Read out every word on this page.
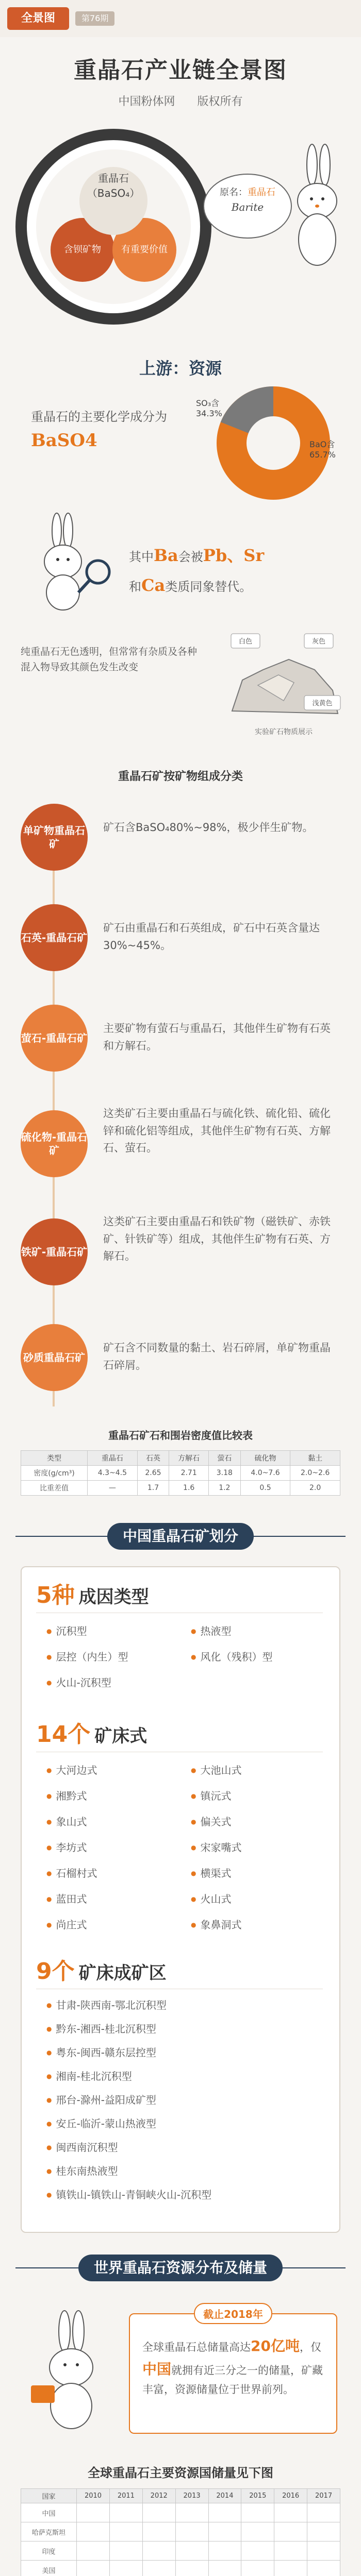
全景图	第76期
重晶石产业链全景图
中国粉体网 版权所有
重晶石
（BaSO₄）
含钡矿物	有重要价值
原名：重晶石
Barite
上游：资源
重晶石的主要化学成分为BaSO4
SO₃含
34.3%
BaO含
65.7%
其中Ba会被Pb、Sr
和Ca类质同象替代。
纯重晶石无色透明，但常常有杂质及各种混入物导致其颜色发生改变
白色	灰色
浅黄色
实验矿石物质展示
重晶石矿按矿物组成分类
单矿物重晶石矿
矿石含BaSO₄80%~98%，极少伴生矿物。
石英-重晶石矿
矿石由重晶石和石英组成，矿石中石英含量达30%~45%。
萤石-重晶石矿
主要矿物有萤石与重晶石，其他伴生矿物有石英和方解石。
硫化物-重晶石矿
这类矿石主要由重晶石与硫化铁、硫化铅、硫化锌和硫化铝等组成，其他伴生矿物有石英、方解石、萤石。
铁矿-重晶石矿
这类矿石主要由重晶石和铁矿物（磁铁矿、赤铁矿、针铁矿等）组成，其他伴生矿物有石英、方解石。
砂质重晶石矿
矿石含不同数量的黏土、岩石碎屑，单矿物重晶石碎屑。
重晶石矿石和围岩密度值比较表
类型	重晶石	石英	方解石	萤石	硫化物	黏土
密度(g/cm³)	4.3~4.5	2.65	2.71	3.18	4.0~7.6	2.0~2.6
比重差值	—	1.7	1.6	1.2	0.5	2.0
中国重晶石矿划分
5种 成因类型
● 沉积型	● 热液型
● 层控（内生）型	● 风化（残积）型
● 火山-沉积型
14个 矿床式
● 大河边式	● 大池山式
● 湘黔式	● 镇沅式
● 象山式	● 偏关式
● 李坊式	● 宋家嘴式
● 石榴村式	● 横渠式
● 蓝田式	● 火山式
● 尚庄式	● 象鼻洞式
9个 矿床成矿区
● 甘肃-陕西南-鄂北沉积型
● 黔东-湘西-桂北沉积型
● 粤东-闽西-赣东层控型
● 湘南-桂北沉积型
● 邢台-滁州-益阳成矿型
● 安丘-临沂-蒙山热液型
● 闽西南沉积型
● 桂东南热液型
● 镇铁山-镇铁山-青铜峡火山-沉积型
世界重晶石资源分布及储量
截止2018年
全球重晶石总储量高达20亿吨，仅中国就拥有近三分之一的储量，矿藏丰富，资源储量位于世界前列。
全球重晶石主要资源国储量见下图
国家	2010	2011	2012	2013	2014	2015	2016	2017
中国								
哈萨克斯坦								
印度								
美国								
